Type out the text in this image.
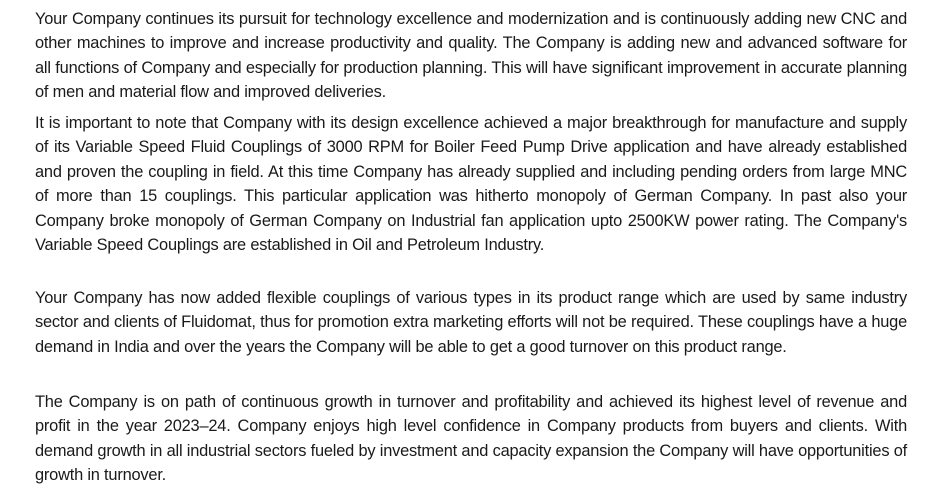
Your Company continues its pursuit for technology excellence and modernization and is continuously adding new CNC and other machines to improve and increase productivity and quality. The Company is adding new and advanced software for all functions of Company and especially for production planning. This will have significant improvement in accurate planning of men and material flow and improved deliveries.

It is important to note that Company with its design excellence achieved a major breakthrough for manufacture and supply of its Variable Speed Fluid Couplings of 3000 RPM for Boiler Feed Pump Drive application and have already established and proven the coupling in field. At this time Company has already supplied and including pending orders from large MNC of more than 15 couplings. This particular application was hitherto monopoly of German Company. In past also your Company broke monopoly of German Company on Industrial fan application upto 2500KW power rating. The Company's Variable Speed Couplings are established in Oil and Petroleum Industry.

Your Company has now added flexible couplings of various types in its product range which are used by same industry sector and clients of Fluidomat, thus for promotion extra marketing efforts will not be required. These couplings have a huge demand in India and over the years the Company will be able to get a good turnover on this product range.

The Company is on path of continuous growth in turnover and profitability and achieved its highest level of revenue and profit in the year 2023–24. Company enjoys high level confidence in Company products from buyers and clients. With demand growth in all industrial sectors fueled by investment and capacity expansion the Company will have opportunities of growth in turnover.
